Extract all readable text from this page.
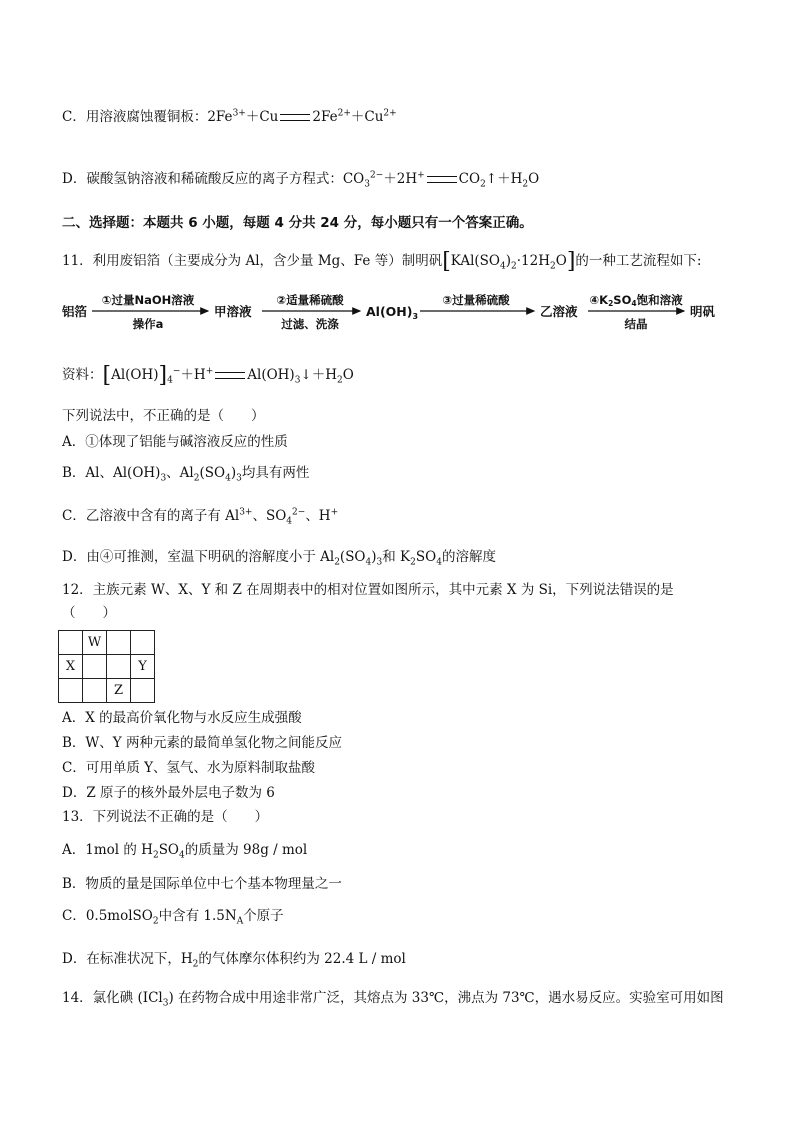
C．用溶液腐蚀覆铜板：$2Fe^{3+}+Cu$	$2Fe^{2+}+Cu^{2+}$
D．碳酸氢钠溶液和稀硫酸反应的离子方程式：$CO_3^{2-}+2H^+$	$CO_2↑+H_2O$
二、选择题：本题共 6 小题，每题 4 分共 24 分，每小题只有一个答案正确。
11．利用废铝箔（主要成分为 Al，含少量 Mg、Fe 等）制明矾$[KAl(SO_4)_2\cdot 12H_2O]$的一种工艺流程如下:
铝箔
①过量NaOH溶液
操作a
甲溶液
②适量稀硫酸
过滤、洗涤
$Al(OH)_3$
③过量稀硫酸
乙溶液
④K2SO4饱和溶液
结晶
明矾
资料：$[Al(OH)]_4^-+H^+$	$Al(OH)_3↓+H_2O$
下列说法中，不正确的是（　　）
A．①体现了铝能与碱溶液反应的性质
B．Al、$Al(OH)_3$、$Al_2(SO_4)_3$均具有两性
C．乙溶液中含有的离子有 $Al^{3+}$、$SO_4^{2-}$、H+
D．由④可推测，室温下明矾的溶解度小于 $Al_2(SO_4)_3$和 $K_2SO_4$的溶解度
12．主族元素 W、X、Y 和 Z 在周期表中的相对位置如图所示，其中元素 X 为 Si，下列说法错误的是
（　　）
	W		
X			Y
		Z	
A．X 的最高价氧化物与水反应生成强酸
B．W、Y 两种元素的最简单氢化物之间能反应
C．可用单质 Y、氢气、水为原料制取盐酸
D．Z 原子的核外最外层电子数为 6
13．下列说法不正确的是（　　）
A．1mol 的 $H_2SO_4$的质量为 98g / mol
B．物质的量是国际单位中七个基本物理量之一
C．0.5molSO$_2$中含有 $1.5N_A$个原子
D．在标准状况下，$H_2$的气体摩尔体积约为 22.4 L / mol
14．氯化碘 (ICl$_3$) 在药物合成中用途非常广泛，其熔点为 33℃，沸点为 73℃，遇水易反应。实验室可用如图
